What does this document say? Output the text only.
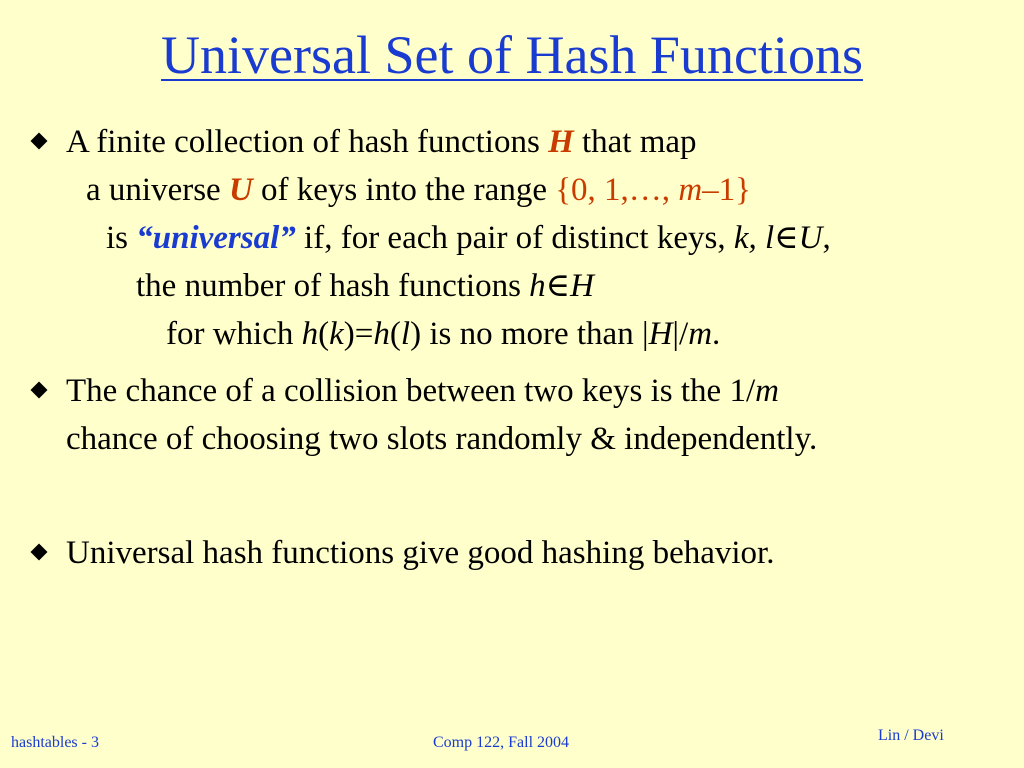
Universal Set of Hash Functions
A finite collection of hash functions H that map
a universe U of keys into the range {0, 1,…, m–1}
is “universal” if, for each pair of distinct keys, k, l∈U,
the number of hash functions h∈H
for which h(k)=h(l) is no more than |H|/m.
The chance of a collision between two keys is the 1/m
chance of choosing two slots randomly & independently.
Universal hash functions give good hashing behavior.
hashtables - 3	Comp 122, Fall 2004	Lin / Devi
